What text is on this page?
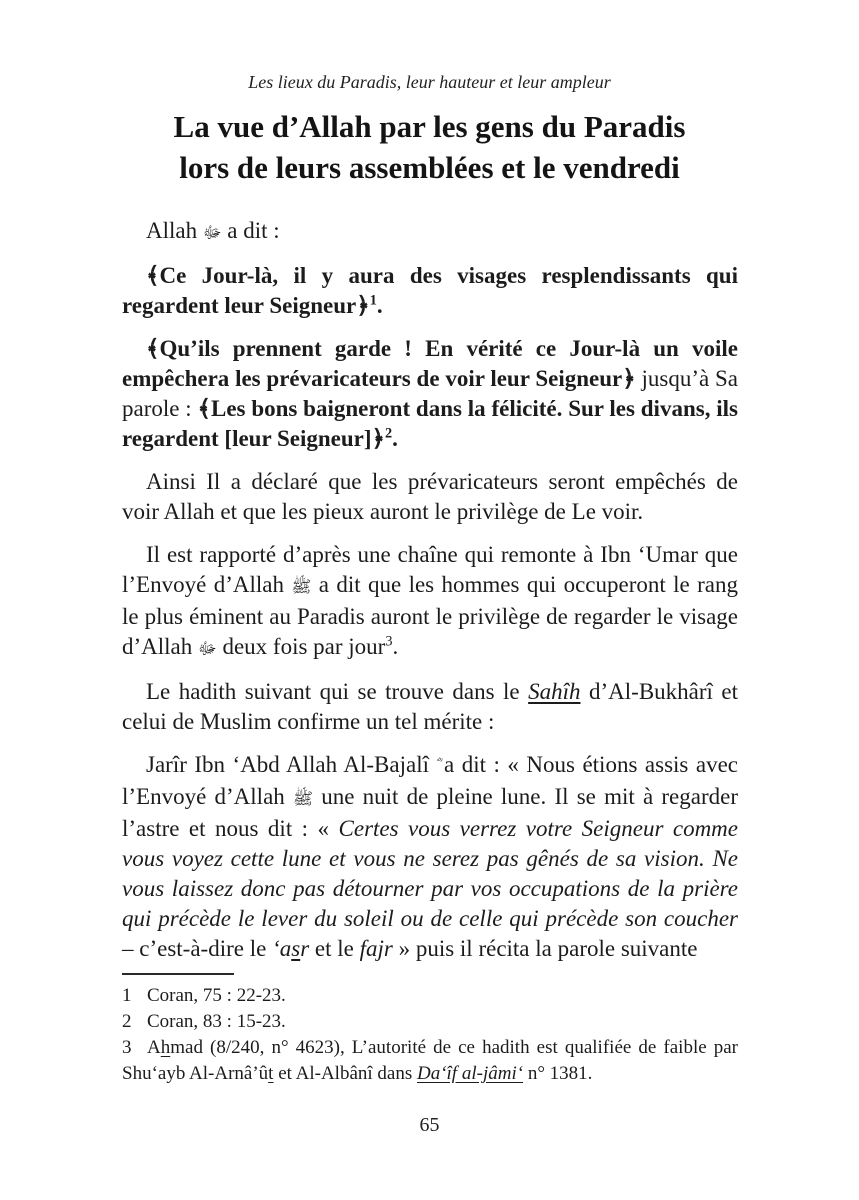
Les lieux du Paradis, leur hauteur et leur ampleur
La vue d’Allah par les gens du Paradis
lors de leurs assemblées et le vendredi

Allah ﷻ a dit :

﴾Ce Jour-là, il y aura des visages resplendissants qui regardent leur Seigneur﴿$^1$.

﴾Qu’ils prennent garde ! En vérité ce Jour-là un voile empêchera les prévaricateurs de voir leur Seigneur﴿ jusqu’à Sa parole : ﴾Les bons baigneront dans la félicité. Sur les divans, ils regardent [leur Seigneur]﴿$^2$.

Ainsi Il a déclaré que les prévaricateurs seront empêchés de voir Allah et que les pieux auront le privilège de Le voir.

Il est rapporté d’après une chaîne qui remonte à Ibn ‘Umar que l’Envoyé d’Allah ﷺ a dit que les hommes qui occuperont le rang le plus éminent au Paradis auront le privilège de regarder le visage d’Allah ﷻ deux fois par jour$^3$.

Le hadith suivant qui se trouve dans le Sahîh d’Al-Bukhârî et celui de Muslim confirme un tel mérite :

Jarîr Ibn ‘Abd Allah Al-Bajalî a dit : « Nous étions assis avec l’Envoyé d’Allah ﷺ une nuit de pleine lune. Il se mit à regarder l’astre et nous dit : « Certes vous verrez votre Seigneur comme vous voyez cette lune et vous ne serez pas gênés de sa vision. Ne vous laissez donc pas détourner par vos occupations de la prière qui précède le lever du soleil ou de celle qui précède son coucher – c’est-à-dire le ‘asr et le fajr » puis il récita la parole suivante

1 Coran, 75 : 22-23.

2 Coran, 83 : 15-23.

3 Ahmad (8/240, n° 4623), L’autorité de ce hadith est qualifiée de faible par Shu‘ayb Al-Arnâ’ût et Al-Albânî dans Da‘îf al-jâmi‘ n° 1381.

65
